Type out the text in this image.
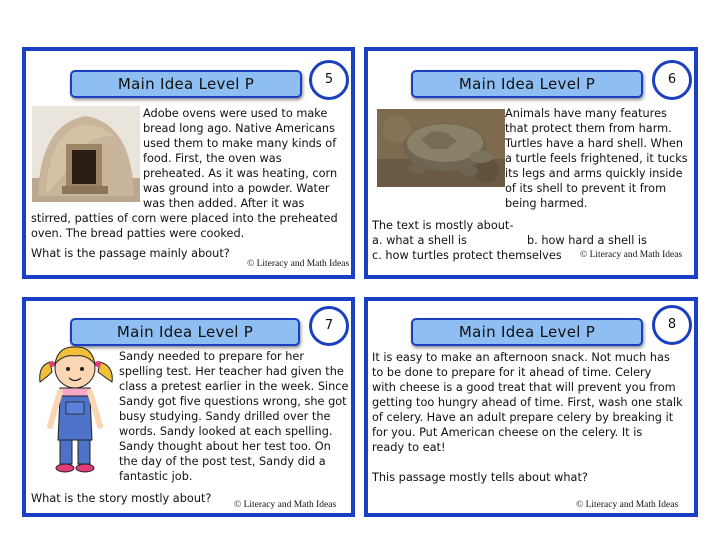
Main Idea Level P	5
Adobe ovens were used to make
bread long ago. Native Americans
used them to make many kinds of
food. First, the oven was
preheated. As it was heating, corn
was ground into a powder. Water
was then added. After it was
stirred, patties of corn were placed into the preheated
oven. The bread patties were cooked.
What is the passage mainly about?
© Literacy and Math Ideas
Main Idea Level P	6
Animals have many features
that protect them from harm.
Turtles have a hard shell. When
a turtle feels frightened, it tucks
its legs and arms quickly inside
of its shell to prevent it from
being harmed.
The text is mostly about-
a. what a shell is	b. how hard a shell is
c. how turtles protect themselves © Literacy and Math Ideas
Main Idea Level P	7
Sandy needed to prepare for her
spelling test. Her teacher had given the
class a pretest earlier in the week. Since
Sandy got five questions wrong, she got
busy studying. Sandy drilled over the
words. Sandy looked at each spelling.
Sandy thought about her test too. On
the day of the post test, Sandy did a
fantastic job.
What is the story mostly about? © Literacy and Math Ideas
Main Idea Level P	8
It is easy to make an afternoon snack. Not much has
to be done to prepare for it ahead of time. Celery
with cheese is a good treat that will prevent you from
getting too hungry ahead of time. First, wash one stalk
of celery. Have an adult prepare celery by breaking it
for you. Put American cheese on the celery. It is
ready to eat!
This passage mostly tells about what?
© Literacy and Math Ideas
